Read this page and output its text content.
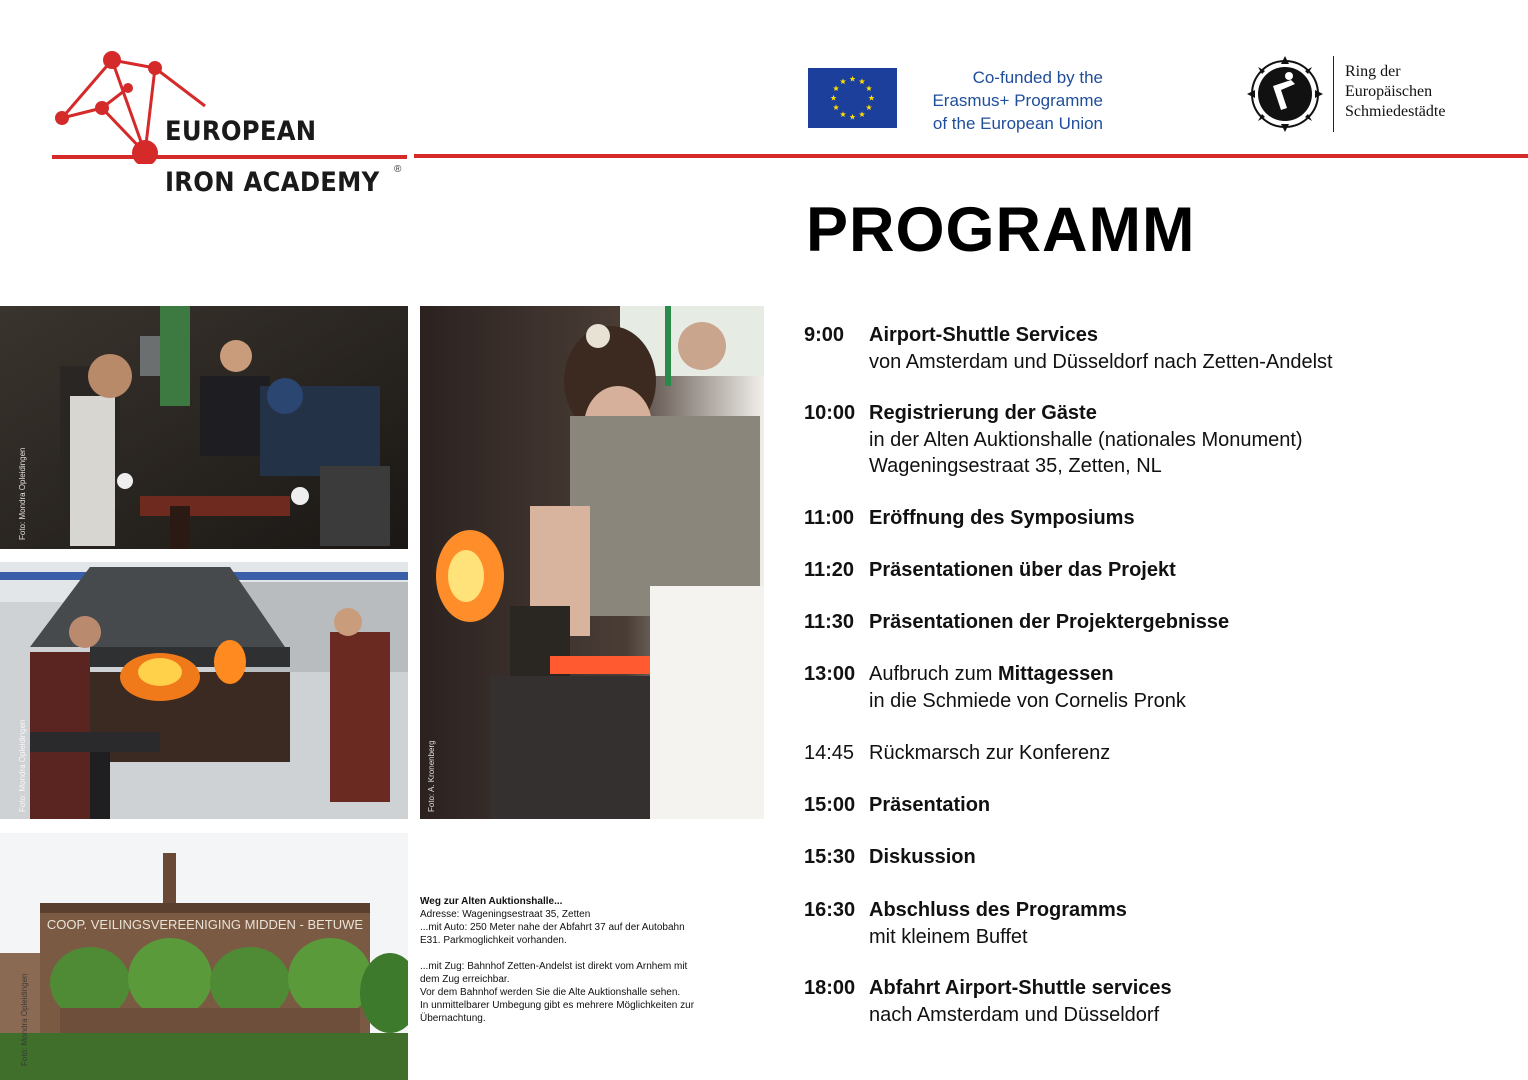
EUROPEAN
IRON ACADEMY ®
Co-funded by the
Erasmus+ Programme
of the European Union
Ring der
Europäischen
Schmiedestädte
PROGRAMM
Foto: Mondra Opleidingen
Foto: Mondra Opleidingen	Foto: A. Kronenberg
COOP. VEILINGSVEREENIGING MIDDEN - BETUWE
Foto: Mondra Opleidingen
Weg zur Alten Auktionshalle...
Adresse: Wageningsestraat 35, Zetten
...mit Auto: 250 Meter nahe der Abfahrt 37 auf der Autobahn
E31. Parkmoglichkeit vorhanden.
...mit Zug: Bahnhof Zetten-Andelst ist direkt vom Arnhem mit
dem Zug erreichbar.
Vor dem Bahnhof werden Sie die Alte Auktionshalle sehen.
In unmittelbarer Umbegung gibt es mehrere Möglichkeiten zur
Übernachtung.
9:00	Airport-Shuttle Services
von Amsterdam und Düsseldorf nach Zetten-Andelst
10:00 Registrierung der Gäste
in der Alten Auktionshalle (nationales Monument)
Wageningsestraat 35, Zetten, NL
11:00 Eröffnung des Symposiums
11:20 Präsentationen über das Projekt
11:30 Präsentationen der Projektergebnisse
13:00 Aufbruch zum Mittagessen
in die Schmiede von Cornelis Pronk
14:45 Rückmarsch zur Konferenz
15:00 Präsentation
15:30 Diskussion
16:30 Abschluss des Programms
mit kleinem Buffet
18:00 Abfahrt Airport-Shuttle services
nach Amsterdam und Düsseldorf
